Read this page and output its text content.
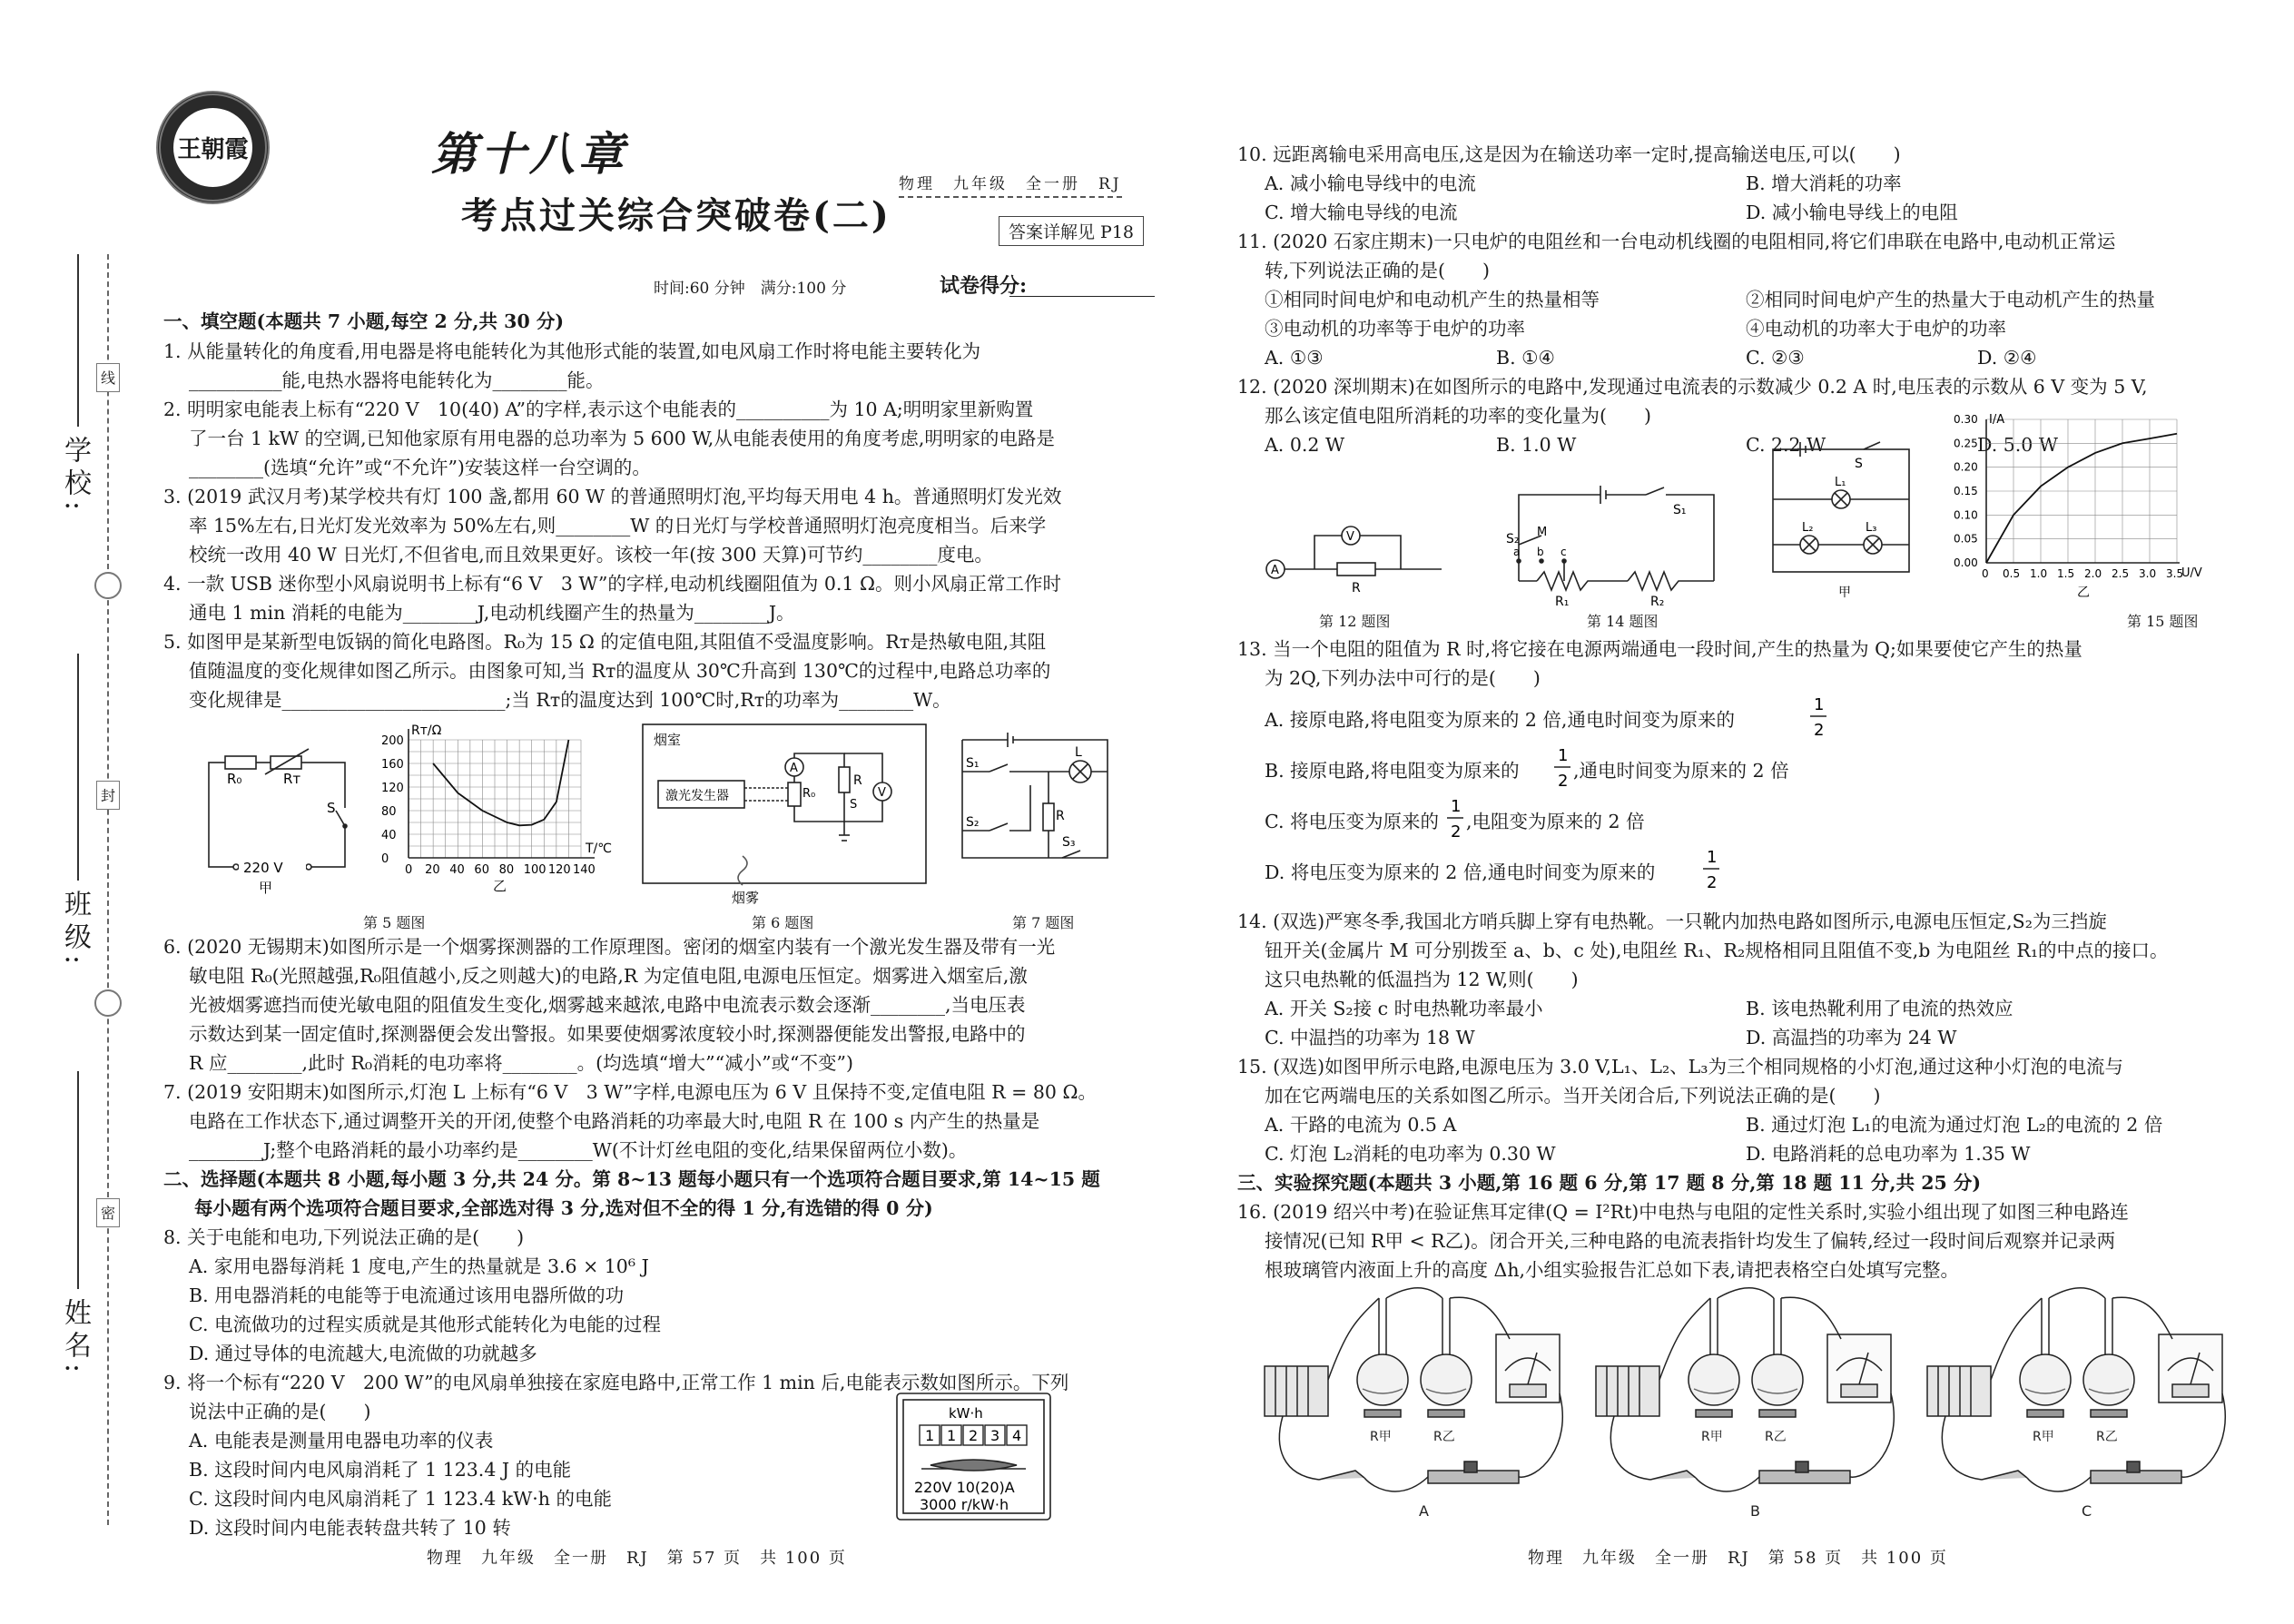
学校:
班级:
姓名:
线
封
密
王朝霞	第十八章
考点过关综合突破卷(二)
物理　九年级　全一册　RJ
答案详解见 P18
时间:60 分钟　满分:100 分	试卷得分:
一、填空题(本题共 7 小题,每空 2 分,共 30 分)
1. 从能量转化的角度看,用电器是将电能转化为其他形式能的装置,如电风扇工作时将电能主要转化为
__________能,电热水器将电能转化为________能。
2. 明明家电能表上标有“220 V　10(40) A”的字样,表示这个电能表的__________为 10 A;明明家里新购置
了一台 1 kW 的空调,已知他家原有用电器的总功率为 5 600 W,从电能表使用的角度考虑,明明家的电路是
________(选填“允许”或“不允许”)安装这样一台空调的。
3. (2019 武汉月考)某学校共有灯 100 盏,都用 60 W 的普通照明灯泡,平均每天用电 4 h。普通照明灯发光效
率 15%左右,日光灯发光效率为 50%左右,则________W 的日光灯与学校普通照明灯泡亮度相当。后来学
校统一改用 40 W 日光灯,不但省电,而且效果更好。该校一年(按 300 天算)可节约________度电。
4. 一款 USB 迷你型小风扇说明书上标有“6 V　3 W”的字样,电动机线圈阻值为 0.1 Ω。则小风扇正常工作时
通电 1 min 消耗的电能为________J,电动机线圈产生的热量为________J。
5. 如图甲是某新型电饭锅的简化电路图。R₀为 15 Ω 的定值电阻,其阻值不受温度影响。Rᴛ是热敏电阻,其阻
值随温度的变化规律如图乙所示。由图象可知,当 Rᴛ的温度从 30℃升高到 130℃的过程中,电路总功率的
变化规律是________________________;当 Rᴛ的温度达到 100℃时,Rᴛ的功率为________W。
R₀	Rᴛ
S
220 V
甲
Rᴛ/Ω
T/℃
200
160
120
80
40
0
0 20 40 60 80 100 120 140
乙
烟室
激光发生器
A
R
R₀	V
S
烟雾
S₁
L
R
S₂
S₃
第 5 题图	第 6 题图	第 7 题图
6. (2020 无锡期末)如图所示是一个烟雾探测器的工作原理图。密闭的烟室内装有一个激光发生器及带有一光
敏电阻 R₀(光照越强,R₀阻值越小,反之则越大)的电路,R 为定值电阻,电源电压恒定。烟雾进入烟室后,激
光被烟雾遮挡而使光敏电阻的阻值发生变化,烟雾越来越浓,电路中电流表示数会逐渐________,当电压表
示数达到某一固定值时,探测器便会发出警报。如果要使烟雾浓度较小时,探测器便能发出警报,电路中的
R 应________,此时 R₀消耗的电功率将________。(均选填“增大”“减小”或“不变”)
7. (2019 安阳期末)如图所示,灯泡 L 上标有“6 V　3 W”字样,电源电压为 6 V 且保持不变,定值电阻 R = 80 Ω。
电路在工作状态下,通过调整开关的开闭,使整个电路消耗的功率最大时,电阻 R 在 100 s 内产生的热量是
________J;整个电路消耗的最小功率约是________W(不计灯丝电阻的变化,结果保留两位小数)。
二、选择题(本题共 8 小题,每小题 3 分,共 24 分。第 8~13 题每小题只有一个选项符合题目要求,第 14~15 题
每小题有两个选项符合题目要求,全部选对得 3 分,选对但不全的得 1 分,有选错的得 0 分)
8. 关于电能和电功,下列说法正确的是(　　)
A. 家用电器每消耗 1 度电,产生的热量就是 3.6 × 10⁶ J
B. 用电器消耗的电能等于电流通过该用电器所做的功
C. 电流做功的过程实质就是其他形式能转化为电能的过程
D. 通过导体的电流越大,电流做的功就越多
9. 将一个标有“220 V　200 W”的电风扇单独接在家庭电路中,正常工作 1 min 后,电能表示数如图所示。下列
说法中正确的是(　　)
A. 电能表是测量用电器电功率的仪表
B. 这段时间内电风扇消耗了 1 123.4 J 的电能
C. 这段时间内电风扇消耗了 1 123.4 kW·h 的电能
D. 这段时间内电能表转盘共转了 10 转
kW·h
1 1 2 3 4
220V 10(20)A
3000 r/kW·h
物理　九年级　全一册　RJ　第 57 页　共 100 页
10. 远距离输电采用高电压,这是因为在输送功率一定时,提高输送电压,可以(　　)
A. 减小输电导线中的电流	B. 增大消耗的功率
C. 增大输电导线的电流	D. 减小输电导线上的电阻
11. (2020 石家庄期末)一只电炉的电阻丝和一台电动机线圈的电阻相同,将它们串联在电路中,电动机正常运
转,下列说法正确的是(　　)
①相同时间电炉和电动机产生的热量相等	②相同时间电炉产生的热量大于电动机产生的热量
③电动机的功率等于电炉的功率	④电动机的功率大于电炉的功率
A. ①③	B. ①④	C. ②③	D. ②④
12. (2020 深圳期末)在如图所示的电路中,发现通过电流表的示数减少 0.2 A 时,电压表的示数从 6 V 变为 5 V,
那么该定值电阻所消耗的功率的变化量为(　　)
A. 0.2 W	B. 1.0 W	C. 2.2 W	D. 5.0 W
A
V
R
S₂ M
a b c
S₁
R₁	R₂
S
L₁
L₂	L₃
甲
I/A
U/V
0.30
0.25
0.20
0.15
0.10
0.05
0.00
0 0.5 1.0 1.5 2.0 2.5 3.0 3.5
乙
第 12 题图	第 14 题图	第 15 题图
13. 当一个电阻的阻值为 R 时,将它接在电源两端通电一段时间,产生的热量为 Q;如果要使它产生的热量
为 2Q,下列办法中可行的是(　　)
A. 接原电路,将电阻变为原来的 2 倍,通电时间变为原来的
1
2
B. 接原电路,将电阻变为原来的
1
2 ,通电时间变为原来的 2 倍
C. 将电压变为原来的
1
2 ,电阻变为原来的 2 倍
D. 将电压变为原来的 2 倍,通电时间变为原来的
1
2
14. (双选)严寒冬季,我国北方哨兵脚上穿有电热靴。一只靴内加热电路如图所示,电源电压恒定,S₂为三挡旋
钮开关(金属片 M 可分别拨至 a、b、c 处),电阻丝 R₁、R₂规格相同且阻值不变,b 为电阻丝 R₁的中点的接口。
这只电热靴的低温挡为 12 W,则(　　)
A. 开关 S₂接 c 时电热靴功率最小	B. 该电热靴利用了电流的热效应
C. 中温挡的功率为 18 W	D. 高温挡的功率为 24 W
15. (双选)如图甲所示电路,电源电压为 3.0 V,L₁、L₂、L₃为三个相同规格的小灯泡,通过这种小灯泡的电流与
加在它两端电压的关系如图乙所示。当开关闭合后,下列说法正确的是(　　)
A. 干路的电流为 0.5 A	B. 通过灯泡 L₁的电流为通过灯泡 L₂的电流的 2 倍
C. 灯泡 L₂消耗的电功率为 0.30 W	D. 电路消耗的总电功率为 1.35 W
三、实验探究题(本题共 3 小题,第 16 题 6 分,第 17 题 8 分,第 18 题 11 分,共 25 分)
16. (2019 绍兴中考)在验证焦耳定律(Q = I²Rt)中电热与电阻的定性关系时,实验小组出现了如图三种电路连
接情况(已知 R甲 < R乙)。闭合开关,三种电路的电流表指针均发生了偏转,经过一段时间后观察并记录两
根玻璃管内液面上升的高度 Δh,小组实验报告汇总如下表,请把表格空白处填写完整。
R甲	R乙
A
R甲	R乙
B
R甲	R乙
C
物理　九年级　全一册　RJ　第 58 页　共 100 页
